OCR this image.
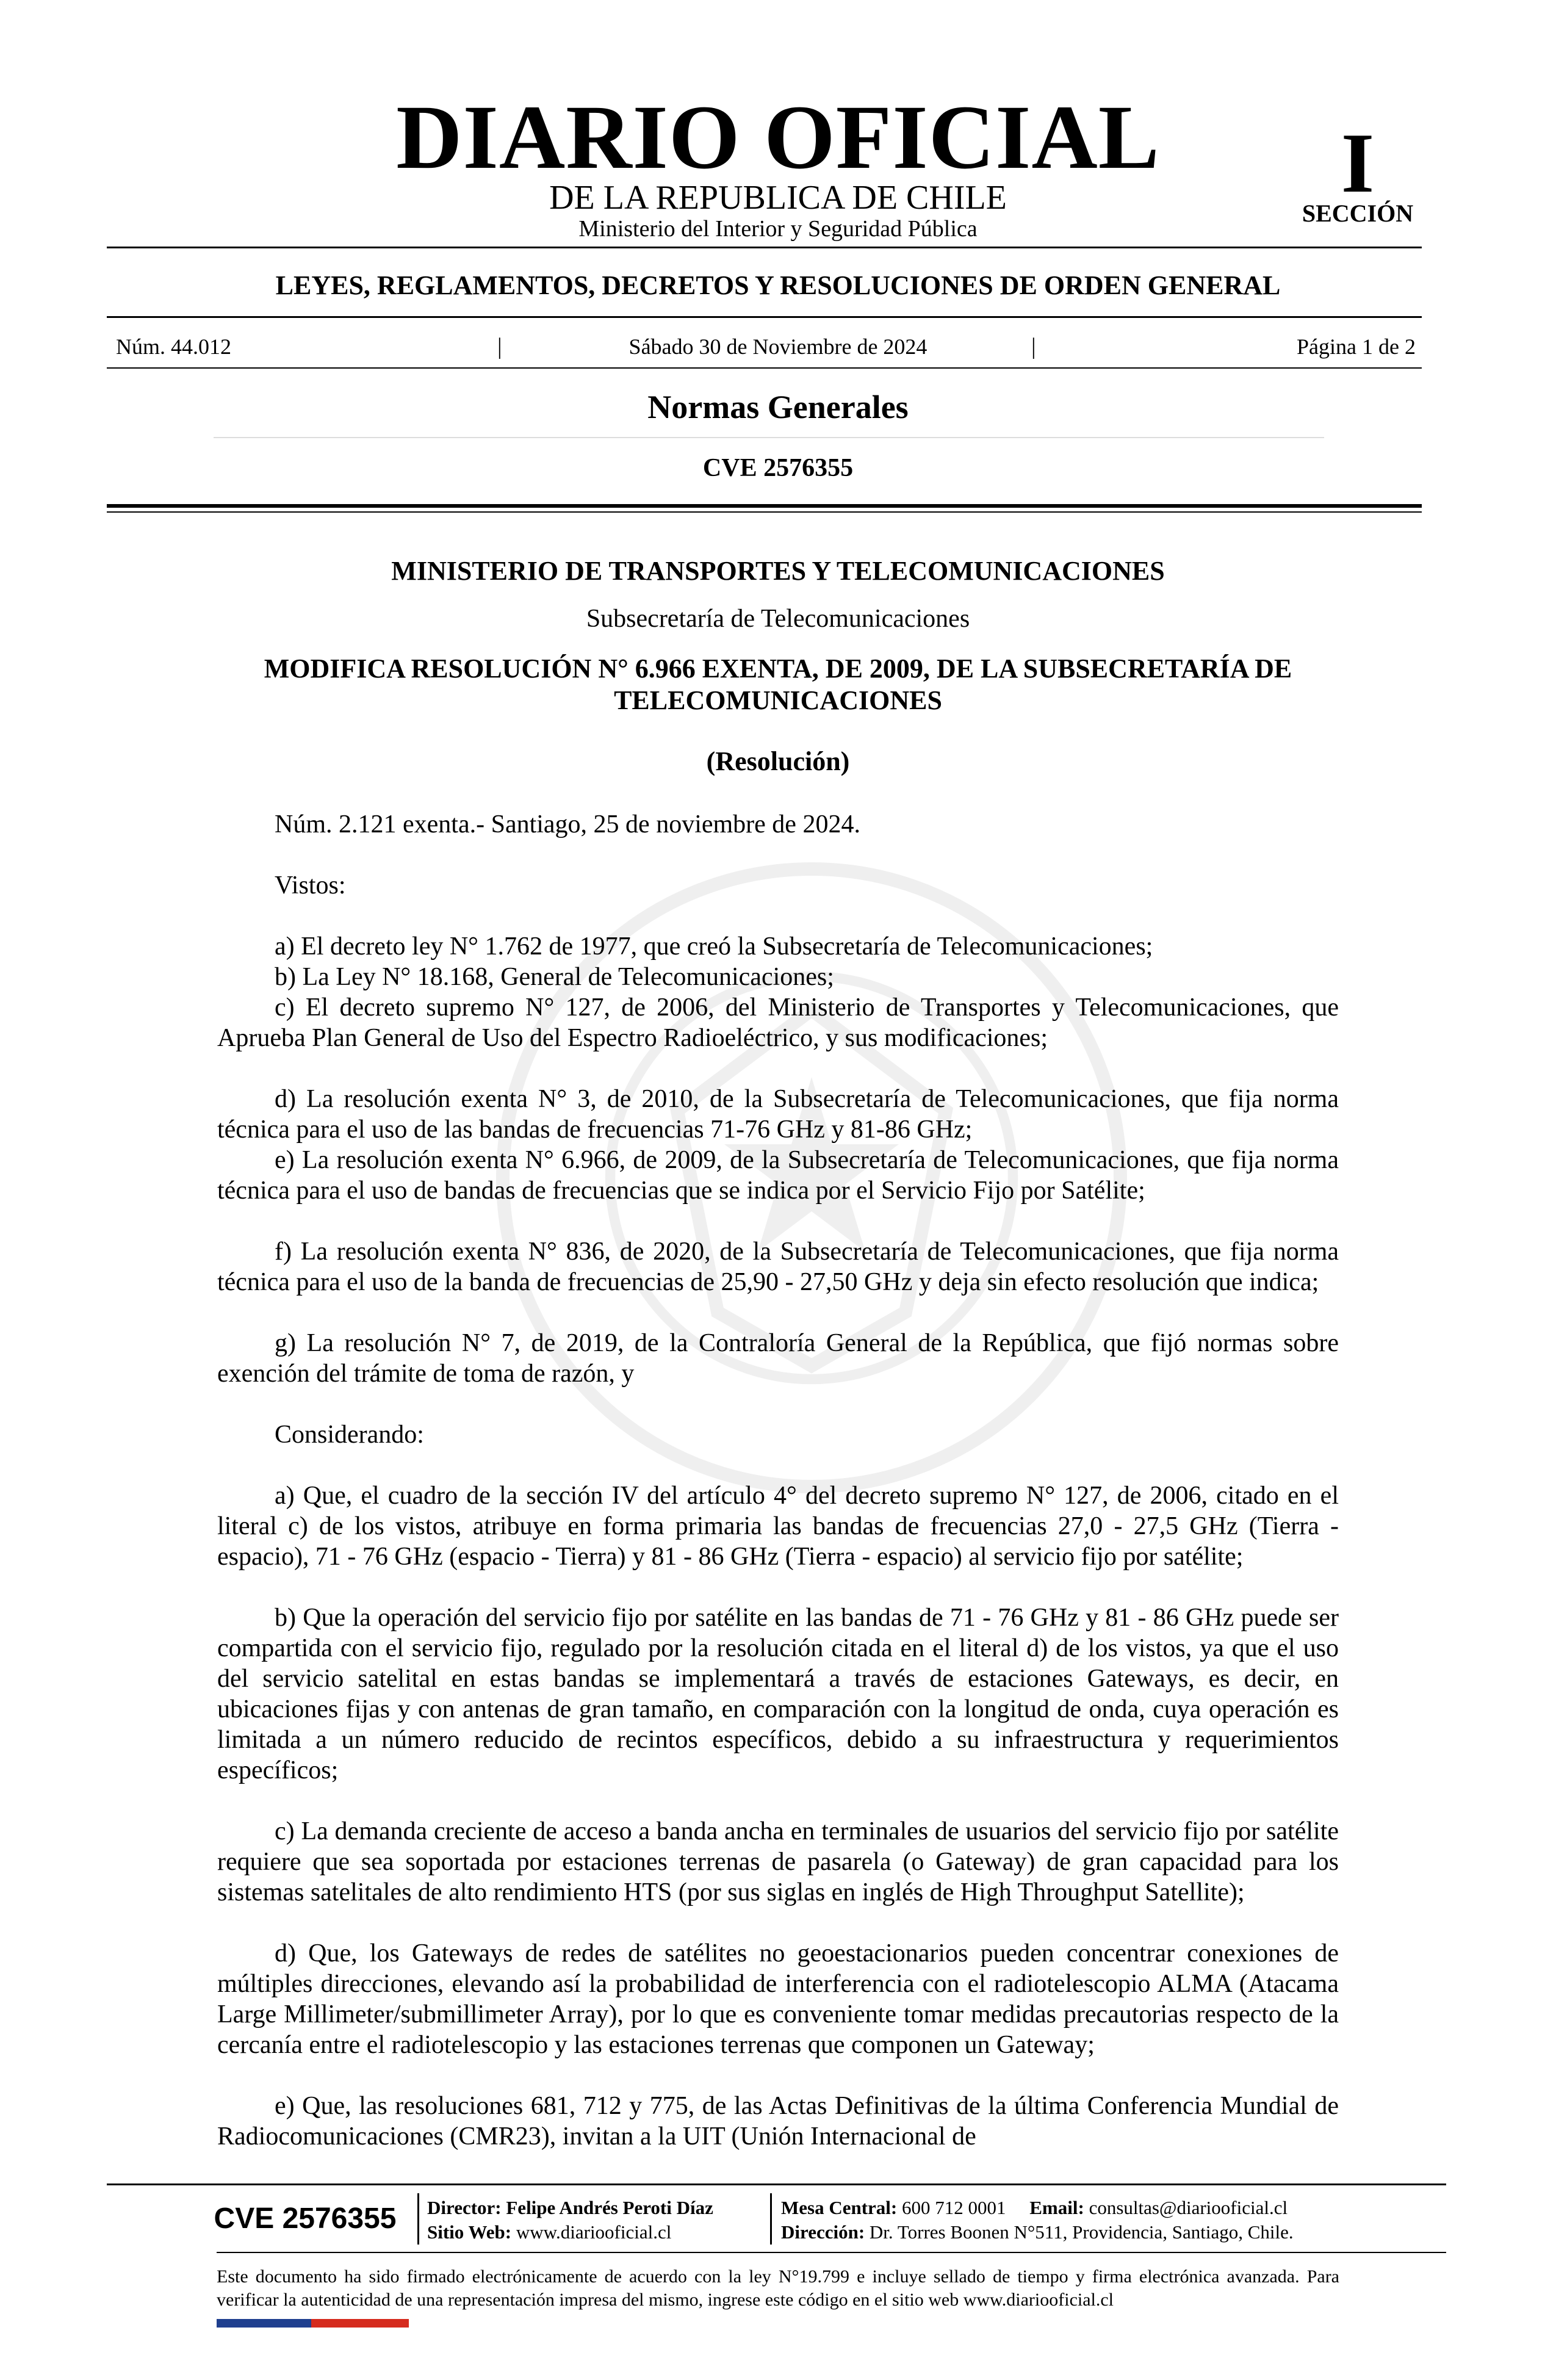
DIARIO OFICIAL
DE LA REPUBLICA DE CHILE
Ministerio del Interior y Seguridad Pública
I
SECCIÓN
LEYES, REGLAMENTOS, DECRETOS Y RESOLUCIONES DE ORDEN GENERAL
Núm. 44.012	|	Sábado 30 de Noviembre de 2024	|	Página 1 de 2
Normas Generales
CVE 2576355
MINISTERIO DE TRANSPORTES Y TELECOMUNICACIONES
Subsecretaría de Telecomunicaciones
MODIFICA RESOLUCIÓN N° 6.966 EXENTA, DE 2009, DE LA SUBSECRETARÍA DE TELECOMUNICACIONES
(Resolución)
Núm. 2.121 exenta.- Santiago, 25 de noviembre de 2024.
Vistos:
a) El decreto ley N° 1.762 de 1977, que creó la Subsecretaría de Telecomunicaciones;
b) La Ley N° 18.168, General de Telecomunicaciones;
c) El decreto supremo N° 127, de 2006, del Ministerio de Transportes y Telecomunicaciones, que Aprueba Plan General de Uso del Espectro Radioeléctrico, y sus modificaciones;
d) La resolución exenta N° 3, de 2010, de la Subsecretaría de Telecomunicaciones, que fija norma técnica para el uso de las bandas de frecuencias 71-76 GHz y 81-86 GHz;
e) La resolución exenta N° 6.966, de 2009, de la Subsecretaría de Telecomunicaciones, que fija norma técnica para el uso de bandas de frecuencias que se indica por el Servicio Fijo por Satélite;
f) La resolución exenta N° 836, de 2020, de la Subsecretaría de Telecomunicaciones, que fija norma técnica para el uso de la banda de frecuencias de 25,90 - 27,50 GHz y deja sin efecto resolución que indica;
g) La resolución N° 7, de 2019, de la Contraloría General de la República, que fijó normas sobre exención del trámite de toma de razón, y
Considerando:
a) Que, el cuadro de la sección IV del artículo 4° del decreto supremo N° 127, de 2006, citado en el literal c) de los vistos, atribuye en forma primaria las bandas de frecuencias 27,0 - 27,5 GHz (Tierra -espacio), 71 - 76 GHz (espacio - Tierra) y 81 - 86 GHz (Tierra - espacio) al servicio fijo por satélite;
b) Que la operación del servicio fijo por satélite en las bandas de 71 - 76 GHz y 81 - 86 GHz puede ser compartida con el servicio fijo, regulado por la resolución citada en el literal d) de los vistos, ya que el uso del servicio satelital en estas bandas se implementará a través de estaciones Gateways, es decir, en ubicaciones fijas y con antenas de gran tamaño, en comparación con la longitud de onda, cuya operación es limitada a un número reducido de recintos específicos, debido a su infraestructura y requerimientos específicos;
c) La demanda creciente de acceso a banda ancha en terminales de usuarios del servicio fijo por satélite requiere que sea soportada por estaciones terrenas de pasarela (o Gateway) de gran capacidad para los sistemas satelitales de alto rendimiento HTS (por sus siglas en inglés de High Throughput Satellite);
d) Que, los Gateways de redes de satélites no geoestacionarios pueden concentrar conexiones de múltiples direcciones, elevando así la probabilidad de interferencia con el radiotelescopio ALMA (Atacama Large Millimeter/submillimeter Array), por lo que es conveniente tomar medidas precautorias respecto de la cercanía entre el radiotelescopio y las estaciones terrenas que componen un Gateway;
e) Que, las resoluciones 681, 712 y 775, de las Actas Definitivas de la última Conferencia Mundial de Radiocomunicaciones (CMR23), invitan a la UIT (Unión Internacional de
CVE 2576355	Director: Felipe Andrés Peroti Díaz
Sitio Web: www.diariooficial.cl
Mesa Central: 600 712 0001 Email: consultas@diariooficial.cl
Dirección: Dr. Torres Boonen N°511, Providencia, Santiago, Chile.
Este documento ha sido firmado electrónicamente de acuerdo con la ley N°19.799 e incluye sellado de tiempo y firma electrónica avanzada. Para verificar la autenticidad de una representación impresa del mismo, ingrese este código en el sitio web www.diariooficial.cl
